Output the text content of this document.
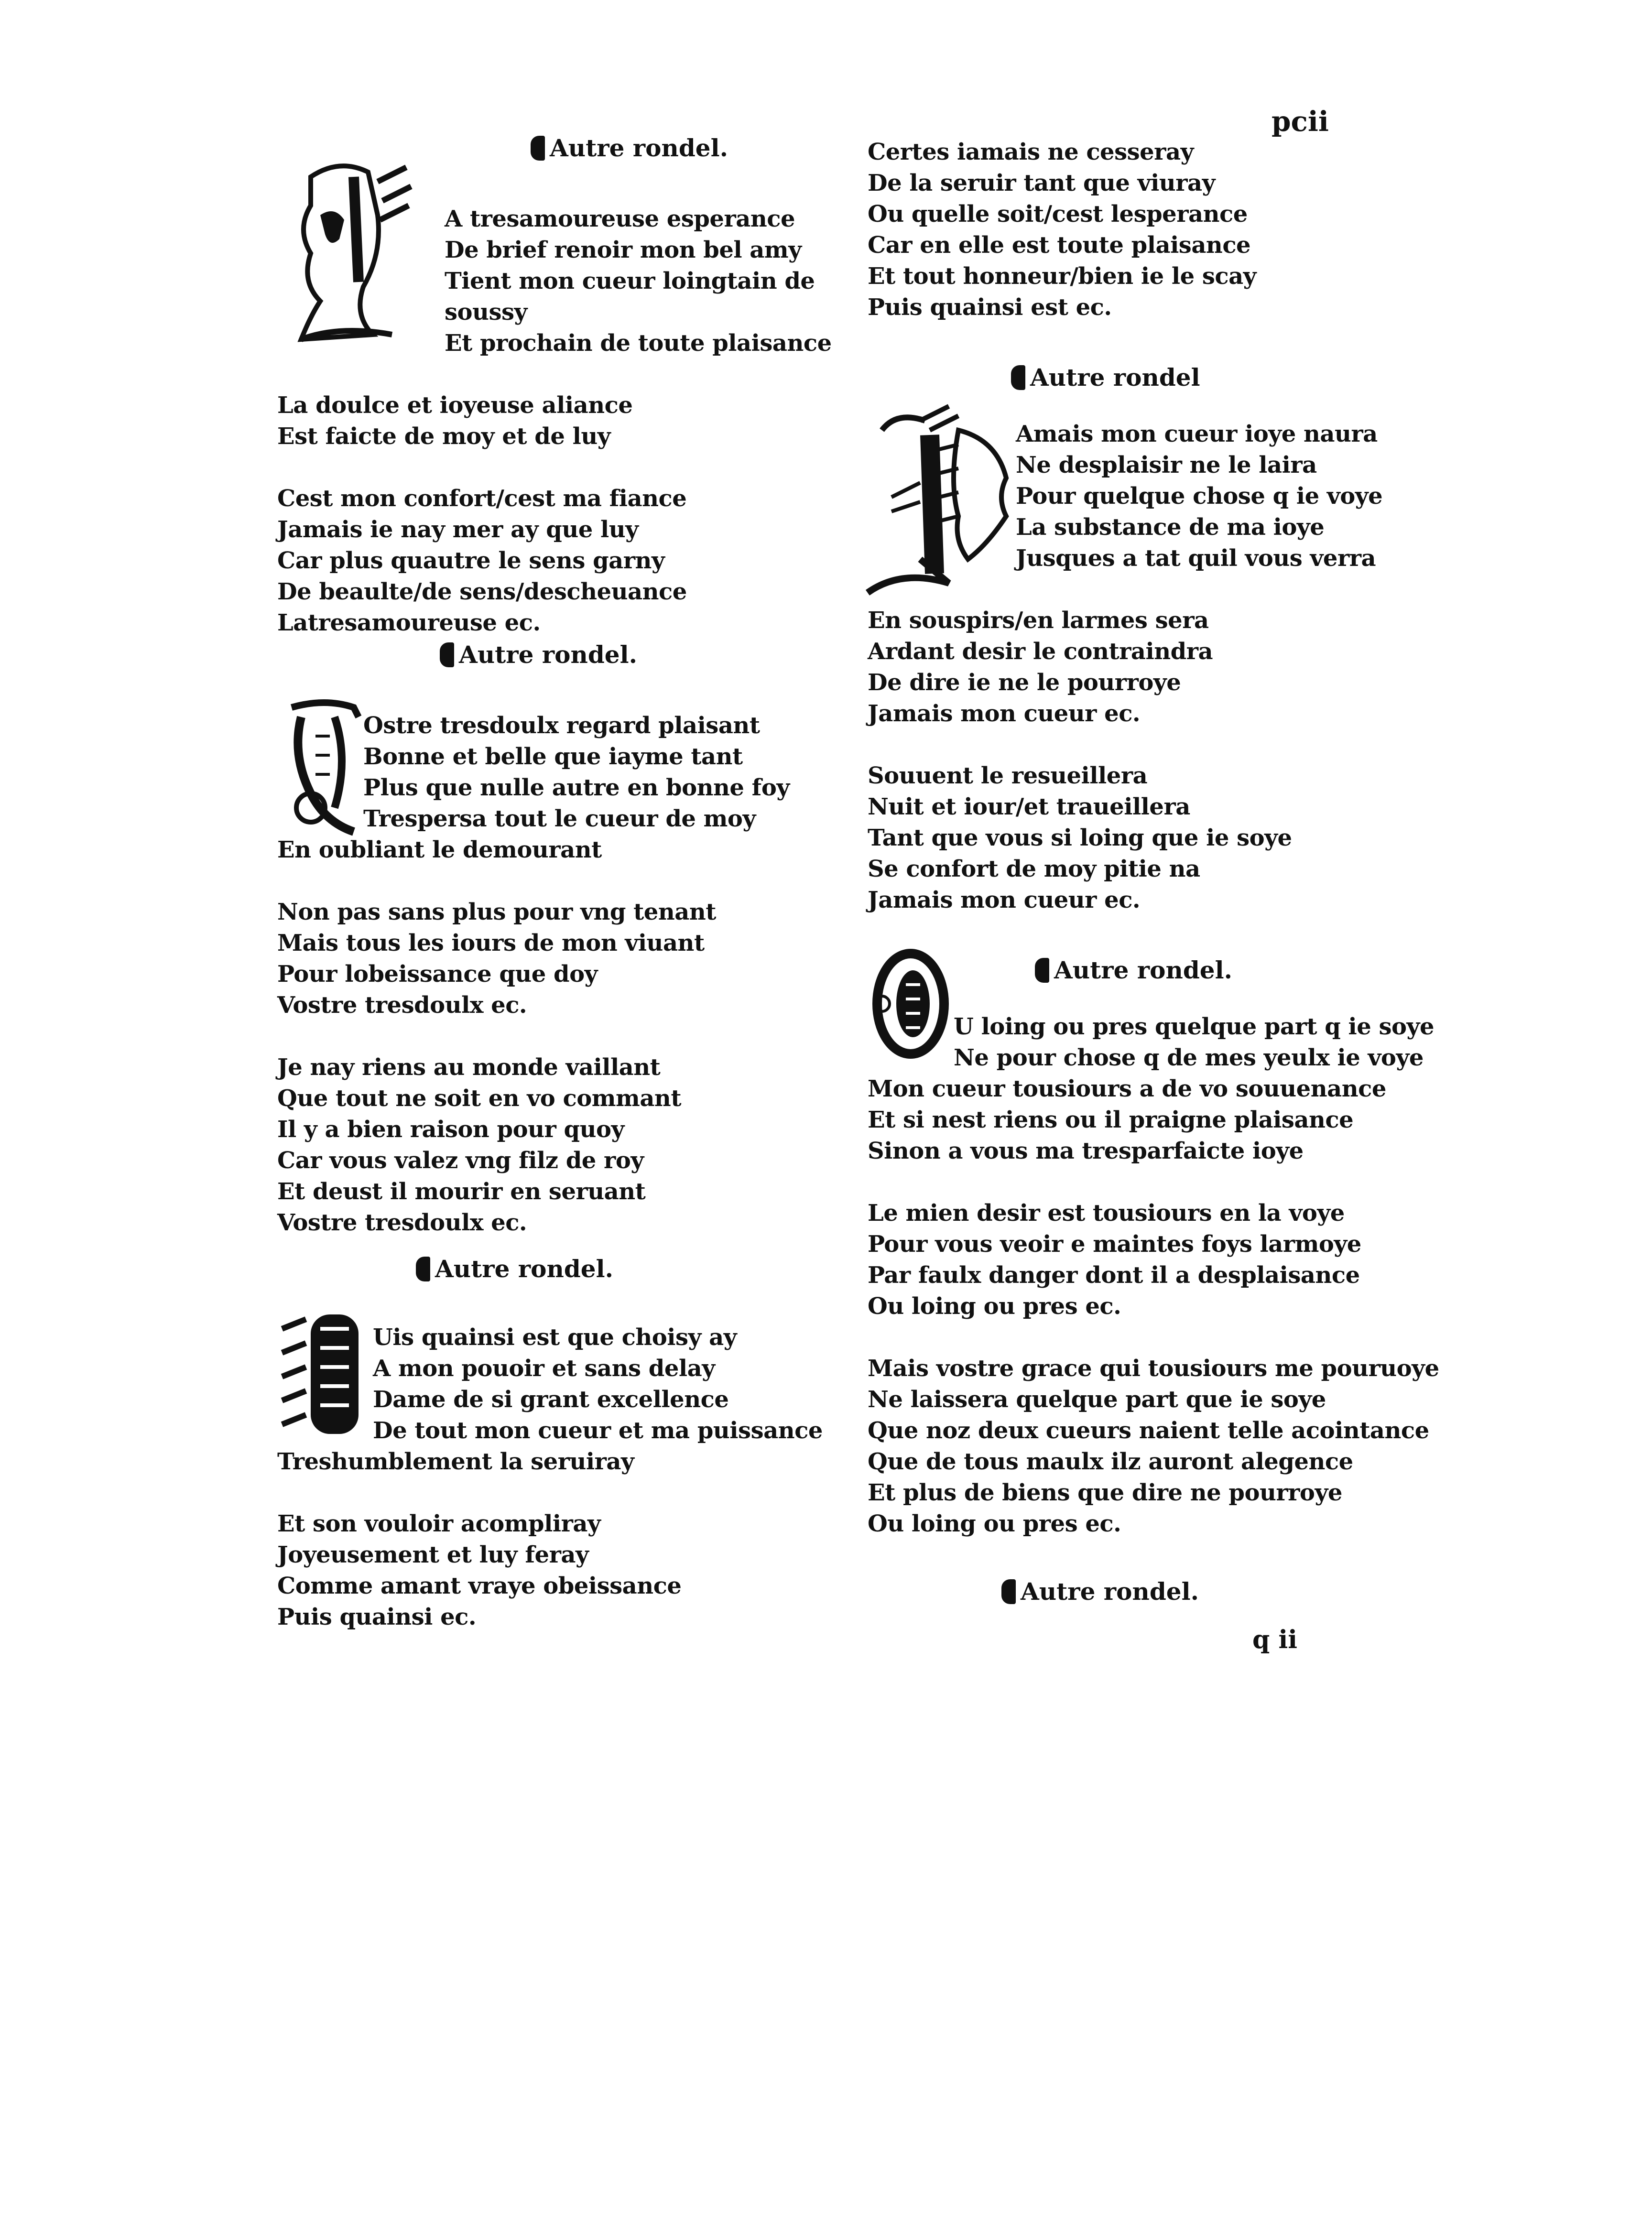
pcii
Autre rondel.
A tresamoureuse esperance
De brief renoir mon bel amy
Tient mon cueur loingtain de
soussy
Et prochain de toute plaisance
La doulce et ioyeuse aliance
Est faicte de moy et de luy
Cest mon confort/cest ma fiance
Jamais ie nay mer ay que luy
Car plus quautre le sens garny
De beaulte/de sens/descheuance
Latresamoureuse ec.
Autre rondel.
Ostre tresdoulx regard plaisant
Bonne et belle que iayme tant
Plus que nulle autre en bonne foy
Trespersa tout le cueur de moy
En oubliant le demourant
Non pas sans plus pour vng tenant
Mais tous les iours de mon viuant
Pour lobeissance que doy
Vostre tresdoulx ec.
Je nay riens au monde vaillant
Que tout ne soit en vo commant
Il y a bien raison pour quoy
Car vous valez vng filz de roy
Et deust il mourir en seruant
Vostre tresdoulx ec.
Autre rondel.
Uis quainsi est que choisy ay
A mon pouoir et sans delay
Dame de si grant excellence
De tout mon cueur et ma puissance
Treshumblement la seruiray
Et son vouloir acompliray
Joyeusement et luy feray
Comme amant vraye obeissance
Puis quainsi ec.
Certes iamais ne cesseray
De la seruir tant que viuray
Ou quelle soit/cest lesperance
Car en elle est toute plaisance
Et tout honneur/bien ie le scay
Puis quainsi est ec.
Autre rondel
Amais mon cueur ioye naura
Ne desplaisir ne le laira
Pour quelque chose q ie voye
La substance de ma ioye
Jusques a tat quil vous verra
En souspirs/en larmes sera
Ardant desir le contraindra
De dire ie ne le pourroye
Jamais mon cueur ec.
Souuent le resueillera
Nuit et iour/et traueillera
Tant que vous si loing que ie soye
Se confort de moy pitie na
Jamais mon cueur ec.
Autre rondel.
U loing ou pres quelque part q ie soye
Ne pour chose q de mes yeulx ie voye
Mon cueur tousiours a de vo souuenance
Et si nest riens ou il praigne plaisance
Sinon a vous ma tresparfaicte ioye
Le mien desir est tousiours en la voye
Pour vous veoir e maintes foys larmoye
Par faulx danger dont il a desplaisance
Ou loing ou pres ec.
Mais vostre grace qui tousiours me pouruoye
Ne laissera quelque part que ie soye
Que noz deux cueurs naient telle acointance
Que de tous maulx ilz auront alegence
Et plus de biens que dire ne pourroye
Ou loing ou pres ec.
Autre rondel.
q ii
